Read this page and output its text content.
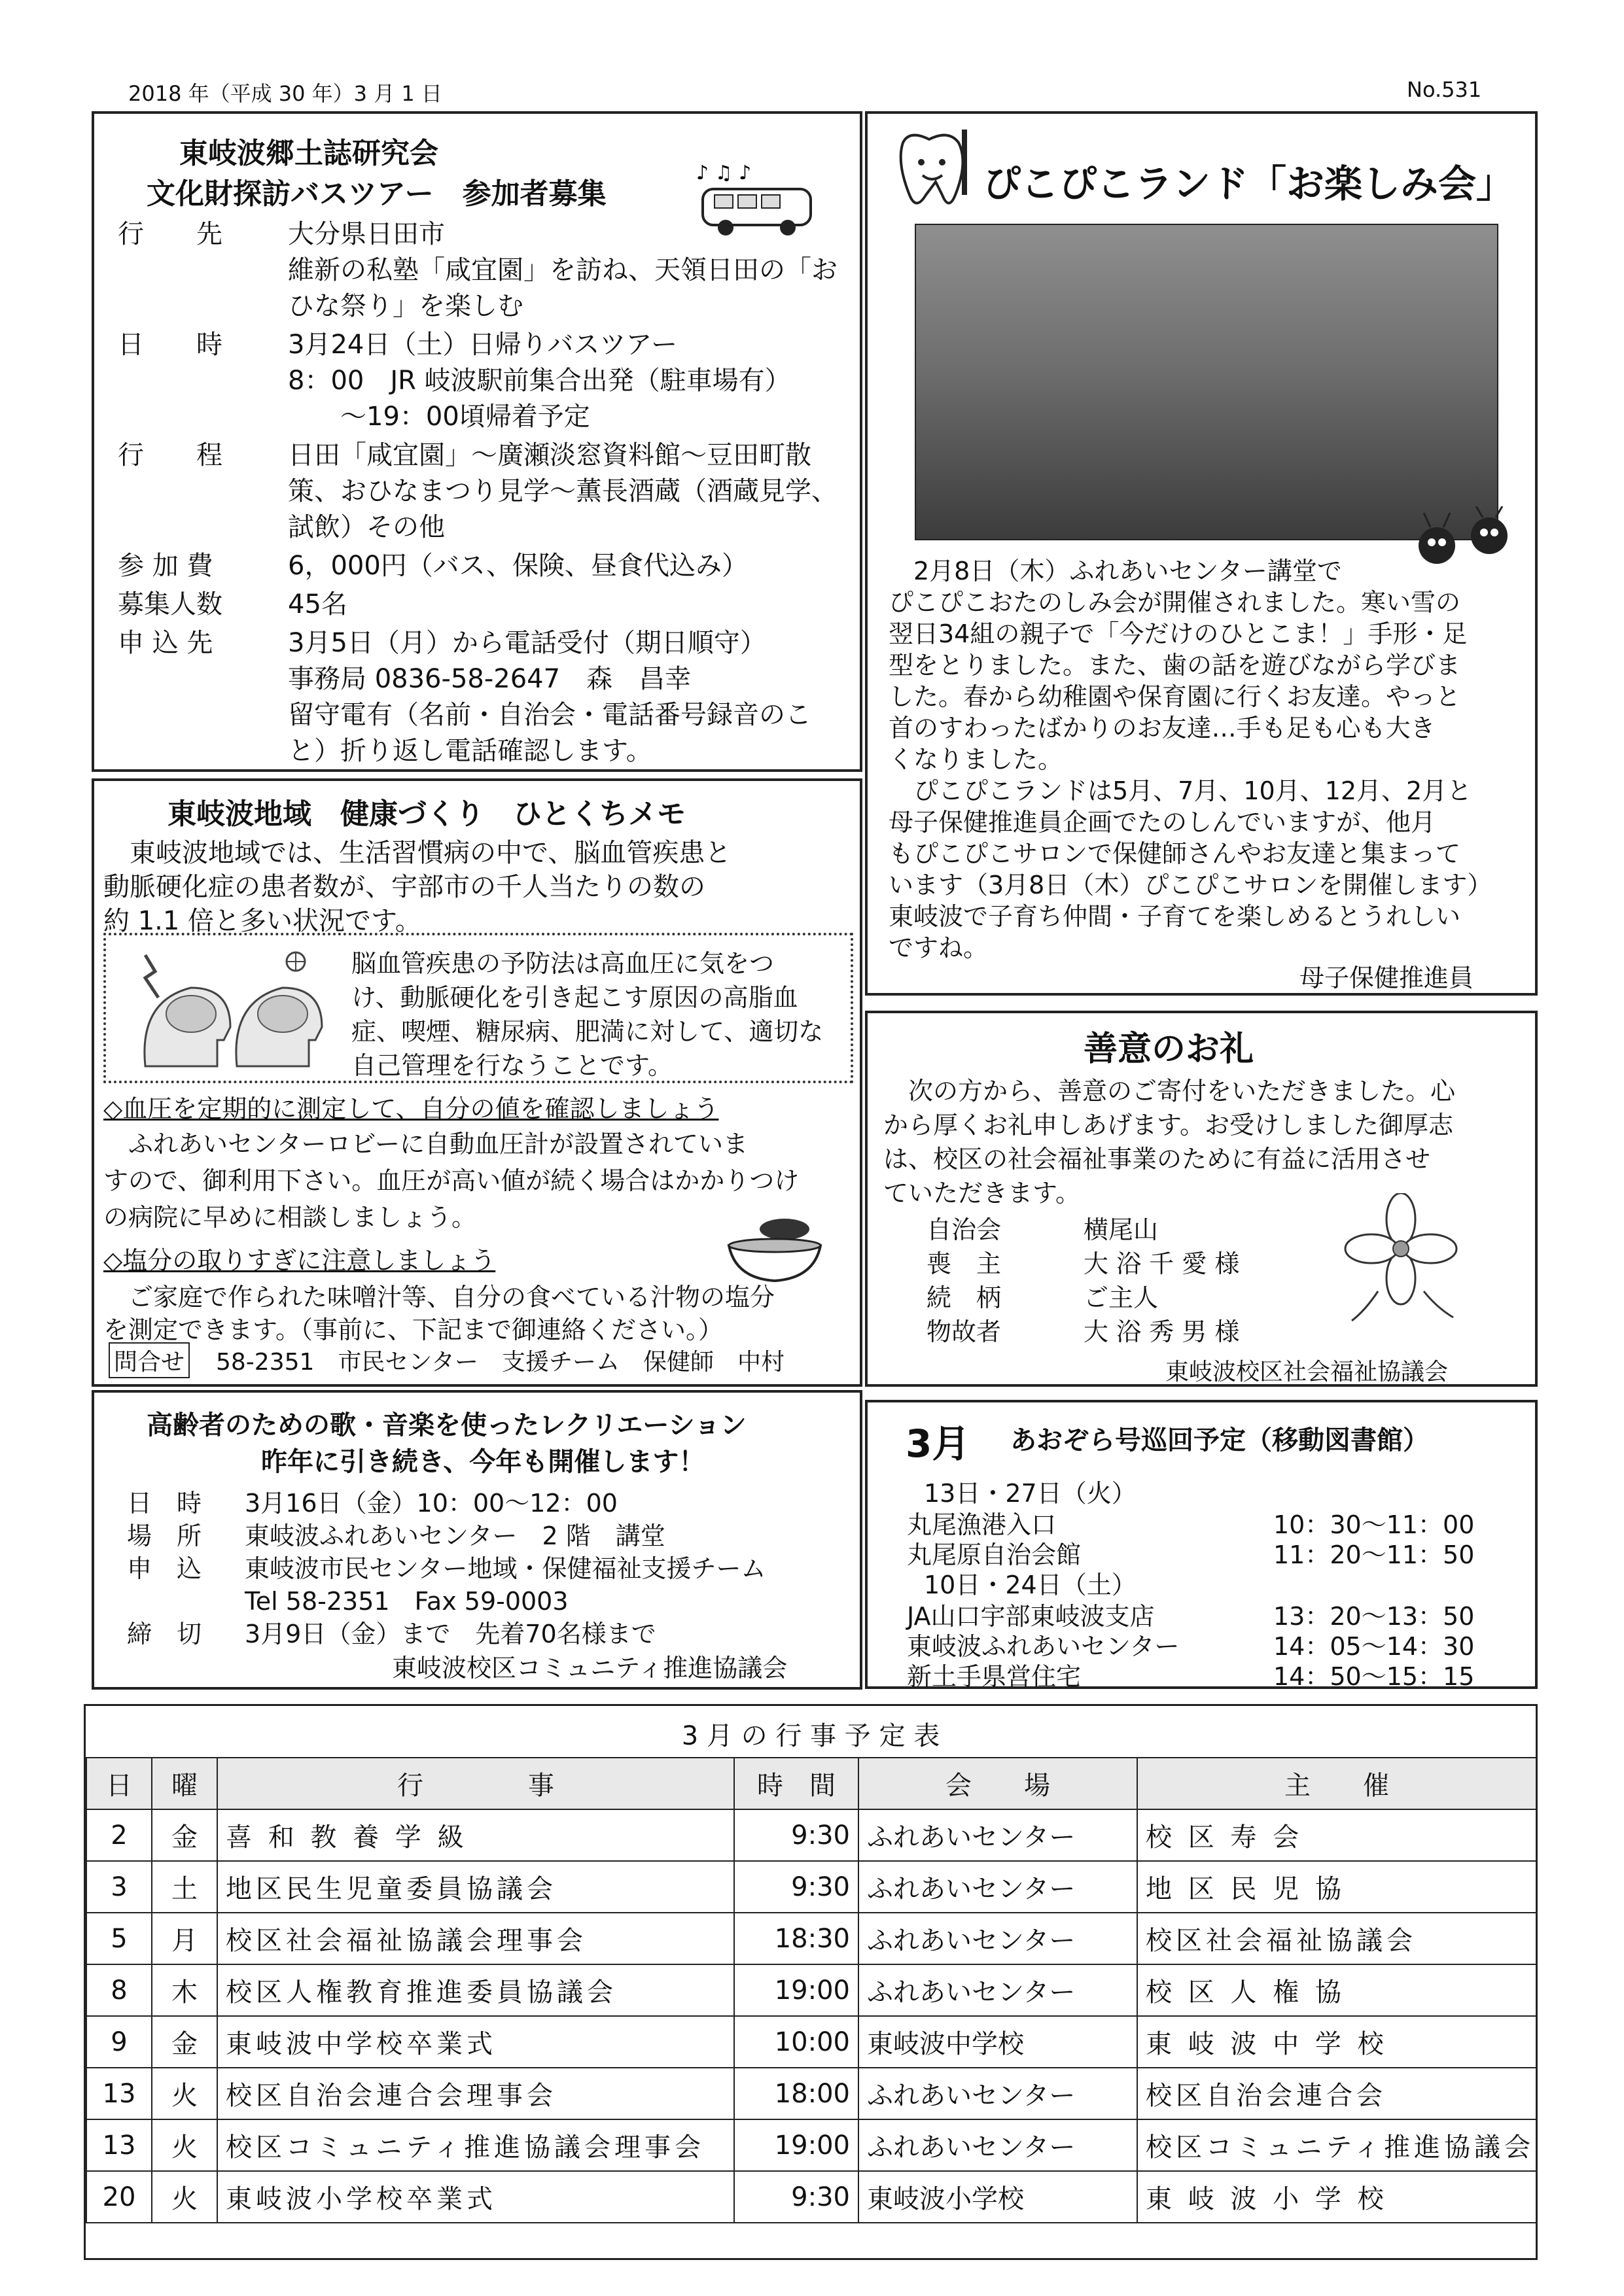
2018 年（平成 30 年）3 月 1 日	No.531
東岐波郷土誌研究会
文化財探訪バスツアー　参加者募集
♪ ♫ ♪
行　　先	大分県日田市
維新の私塾「咸宜園」を訪ね、天領日田の「お
ひな祭り」を楽しむ
日　　時	3月24日（土）日帰りバスツアー
8：00　JR 岐波駅前集合出発（駐車場有）
　　～19：00頃帰着予定
行　　程	日田「咸宜園」～廣瀬淡窓資料館～豆田町散
策、おひなまつり見学～薫長酒蔵（酒蔵見学、
試飲）その他
参 加 費	6，000円（バス、保険、昼食代込み）
募集人数	45名
申 込 先	3月5日（月）から電話受付（期日順守）
事務局 0836-58-2647　森　昌幸
留守電有（名前・自治会・電話番号録音のこ
と）折り返し電話確認します。
ぴこぴこランド「お楽しみ会」
母子保健推進員
　2月8日（木）ふれあいセンター講堂で
ぴこぴこおたのしみ会が開催されました。寒い雪の
翌日34組の親子で「今だけのひとこま！」手形・足
型をとりました。また、歯の話を遊びながら学びま
した。春から幼稚園や保育園に行くお友達。やっと
首のすわったばかりのお友達…手も足も心も大き
くなりました。
　ぴこぴこランドは5月、7月、10月、12月、2月と
母子保健推進員企画でたのしんでいますが、他月
もぴこぴこサロンで保健師さんやお友達と集まって
います（3月8日（木）ぴこぴこサロンを開催します）
東岐波で子育ち仲間・子育てを楽しめるとうれしい
ですね。
東岐波地域　健康づくり　ひとくちメモ
脳血管疾患の予防法は高血圧に気をつ
け、動脈硬化を引き起こす原因の高脂血
症、喫煙、糖尿病、肥満に対して、適切な
自己管理を行なうことです。
◇血圧を定期的に測定して、自分の値を確認しましょう
◇塩分の取りすぎに注意しましょう
問合せ 58-2351　市民センター　支援チーム　保健師　中村
　東岐波地域では、生活習慣病の中で、脳血管疾患と
動脈硬化症の患者数が、宇部市の千人当たりの数の
約 1.1 倍と多い状況です。
　ふれあいセンターロビーに自動血圧計が設置されていま
すので、御利用下さい。血圧が高い値が続く場合はかかりつけ
の病院に早めに相談しましょう。
　ご家庭で作られた味噌汁等、自分の食べている汁物の塩分
を測定できます。（事前に、下記まで御連絡ください。）
善意のお礼
東岐波校区社会福祉協議会
　次の方から、善意のご寄付をいただきました。心
から厚くお礼申しあげます。お受けしました御厚志
は、校区の社会福祉事業のために有益に活用させ
ていただきます。
自治会	横尾山
喪　主	大 浴 千 愛 様
続　柄	ご主人
物故者	大 浴 秀 男 様
高齢者のための歌・音楽を使ったレクリエーション
昨年に引き続き、今年も開催します！
東岐波校区コミュニティ推進協議会
日　時 3月16日（金）10：00～12：00
場　所 東岐波ふれあいセンター　2 階　講堂
申　込 東岐波市民センター地域・保健福祉支援チーム
Tel 58-2351　Fax 59-0003
締　切 3月9日（金）まで　先着70名様まで
3月 あおぞら号巡回予定（移動図書館）
13日・27日（火）
丸尾漁港入口	10：30～11：00
丸尾原自治会館	11：20～11：50
10日・24日（土）
JA山口宇部東岐波支店	13：20～13：50
東岐波ふれあいセンター	14：05～14：30
新土手県営住宅	14：50～15：15
3 月 の 行 事 予 定 表
日	曜	行　　　　事	時　間	会　　場	主　　催
2	金	喜 和 教 養 学 級	9:30	ふれあいセンター	校 区 寿 会
3	土	地区民生児童委員協議会	9:30	ふれあいセンター	地 区 民 児 協
5	月	校区社会福祉協議会理事会	18:30	ふれあいセンター	校区社会福祉協議会
8	木	校区人権教育推進委員協議会	19:00	ふれあいセンター	校 区 人 権 協
9	金	東岐波中学校卒業式	10:00	東岐波中学校	東 岐 波 中 学 校
13	火	校区自治会連合会理事会	18:00	ふれあいセンター	校区自治会連合会
13	火	校区コミュニティ推進協議会理事会	19:00	ふれあいセンター	校区コミュニティ推進協議会
20	火	東岐波小学校卒業式	9:30	東岐波小学校	東 岐 波 小 学 校
